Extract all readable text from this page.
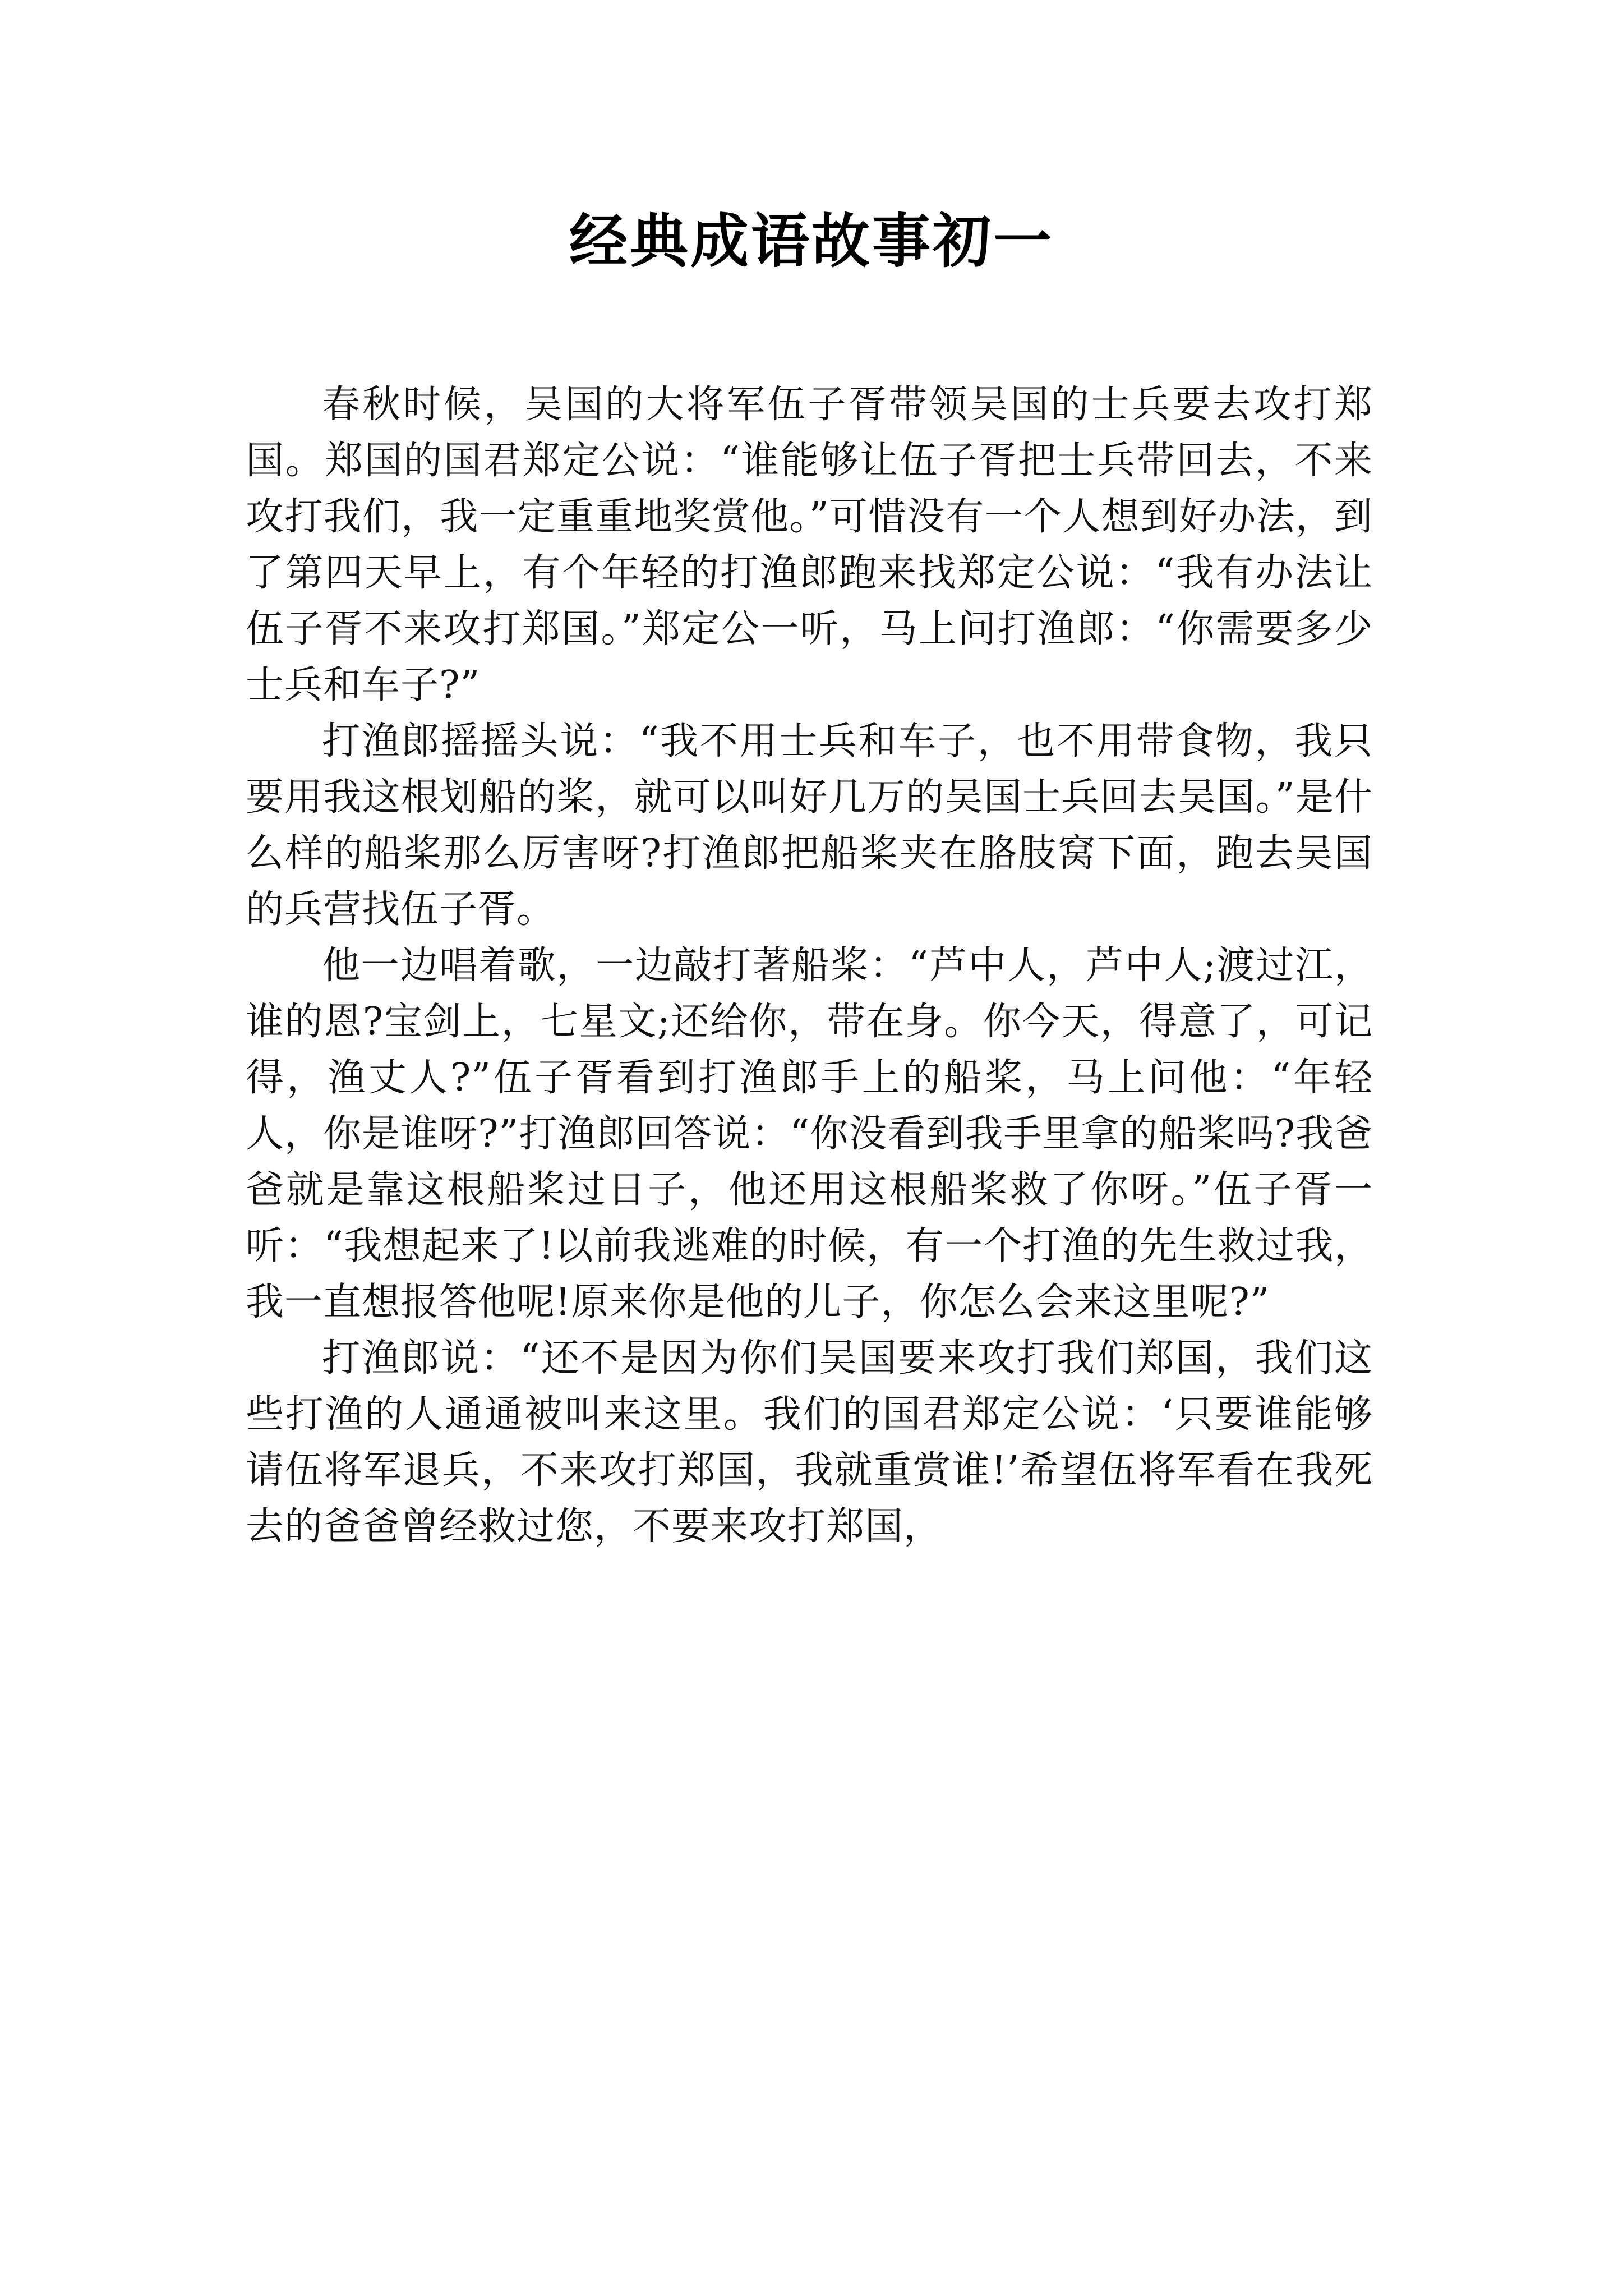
经典成语故事初一

春秋时候，吴国的大将军伍子胥带领吴国的士兵要去攻打郑国。郑国的国君郑定公说：“谁能够让伍子胥把士兵带回去，不来攻打我们，我一定重重地奖赏他。”可惜没有一个人想到好办法，到了第四天早上，有个年轻的打渔郎跑来找郑定公说：“我有办法让伍子胥不来攻打郑国。”郑定公一听，马上问打渔郎：“你需要多少士兵和车子?”

打渔郎摇摇头说：“我不用士兵和车子，也不用带食物，我只要用我这根划船的桨，就可以叫好几万的吴国士兵回去吴国。”是什么样的船桨那么厉害呀?打渔郎把船桨夹在胳肢窝下面，跑去吴国的兵营找伍子胥。

他一边唱着歌，一边敲打著船桨：“芦中人，芦中人;渡过江，谁的恩?宝剑上，七星文;还给你，带在身。你今天，得意了，可记得，渔丈人?”伍子胥看到打渔郎手上的船桨，马上问他：“年轻人，你是谁呀?”打渔郎回答说：“你没看到我手里拿的船桨吗?我爸爸就是靠这根船桨过日子，他还用这根船桨救了你呀。”伍子胥一听：“我想起来了!以前我逃难的时候，有一个打渔的先生救过我，我一直想报答他呢!原来你是他的儿子，你怎么会来这里呢?”

打渔郎说：“还不是因为你们吴国要来攻打我们郑国，我们这些打渔的人通通被叫来这里。我们的国君郑定公说：‘只要谁能够请伍将军退兵，不来攻打郑国，我就重赏谁!’希望伍将军看在我死去的爸爸曾经救过您，不要来攻打郑国，
